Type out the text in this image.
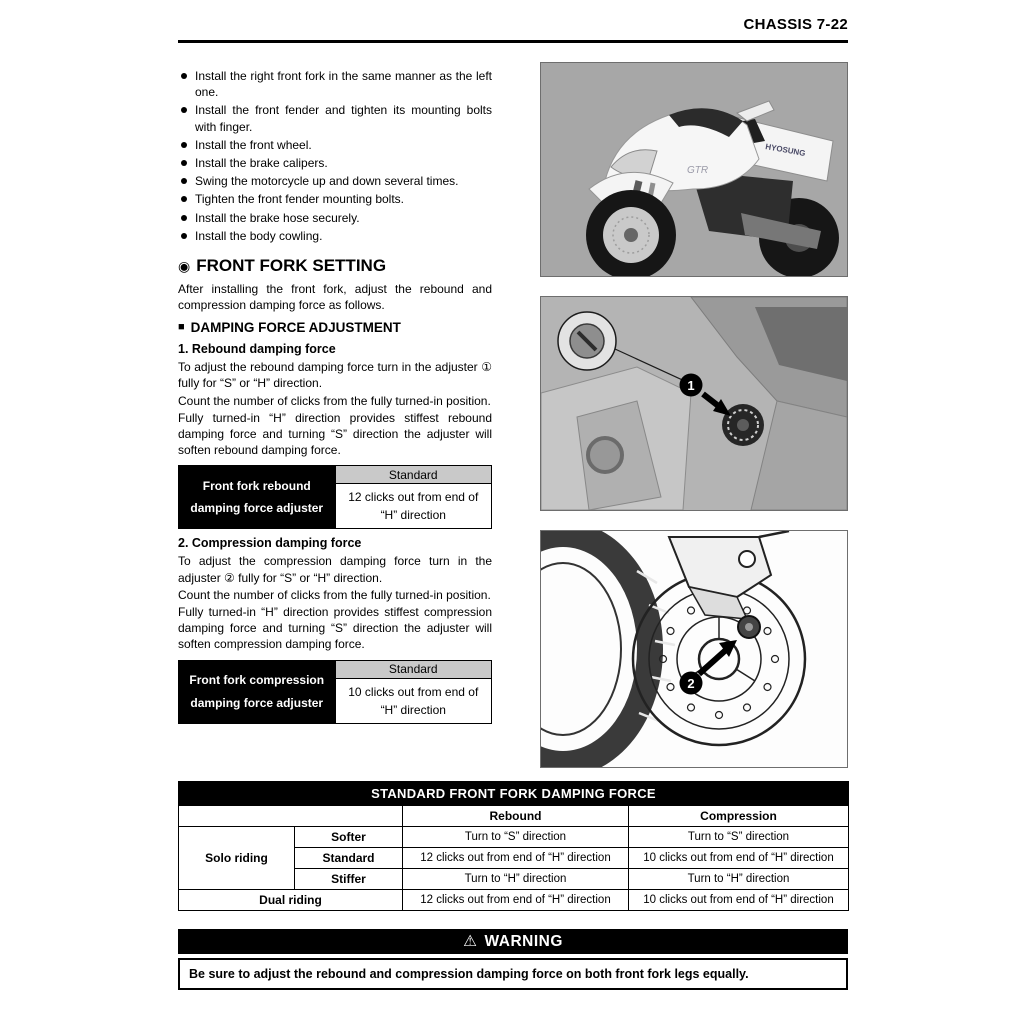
CHASSIS 7-22
Install the right front fork in the same manner as the left one.
Install the front fender and tighten its mounting bolts with finger.
Install the front wheel.
Install the brake calipers.
Swing the motorcycle up and down several times.
Tighten the front fender mounting bolts.
Install the brake hose securely.
Install the body cowling.
◉ FRONT FORK SETTING

After installing the front fork, adjust the rebound and compression damping force as follows.

■ DAMPING FORCE ADJUSTMENT
1. Rebound damping force

To adjust the rebound damping force turn in the adjuster ① fully for “S” or “H” direction.

Count the number of clicks from the fully turned-in position.

Fully turned-in “H” direction provides stiffest rebound damping force and turning “S” direction the adjuster will soften rebound damping force.

Front fork rebound damping force adjuster	Standard
12 clicks out from end of “H” direction
2. Compression damping force

To adjust the compression damping force turn in the adjuster ② fully for “S” or “H” direction.

Count the number of clicks from the fully turned-in position.

Fully turned-in “H” direction provides stiffest compression damping force and turning “S” direction the adjuster will soften compression damping force.

Front fork compression damping force adjuster	Standard
10 clicks out from end of “H” direction
HYOSUNG
GTR
1
2
STANDARD FRONT FORK DAMPING FORCE			
		Rebound	Compression
Solo riding	Softer	Turn to “S” direction	Turn to “S” direction
	Standard	12 clicks out from end of “H” direction	10 clicks out from end of “H” direction
	Stiffer	Turn to “H” direction	Turn to “H” direction
Dual riding		12 clicks out from end of “H” direction	10 clicks out from end of “H” direction
⚠ WARNING
Be sure to adjust the rebound and compression damping force on both front fork legs equally.
